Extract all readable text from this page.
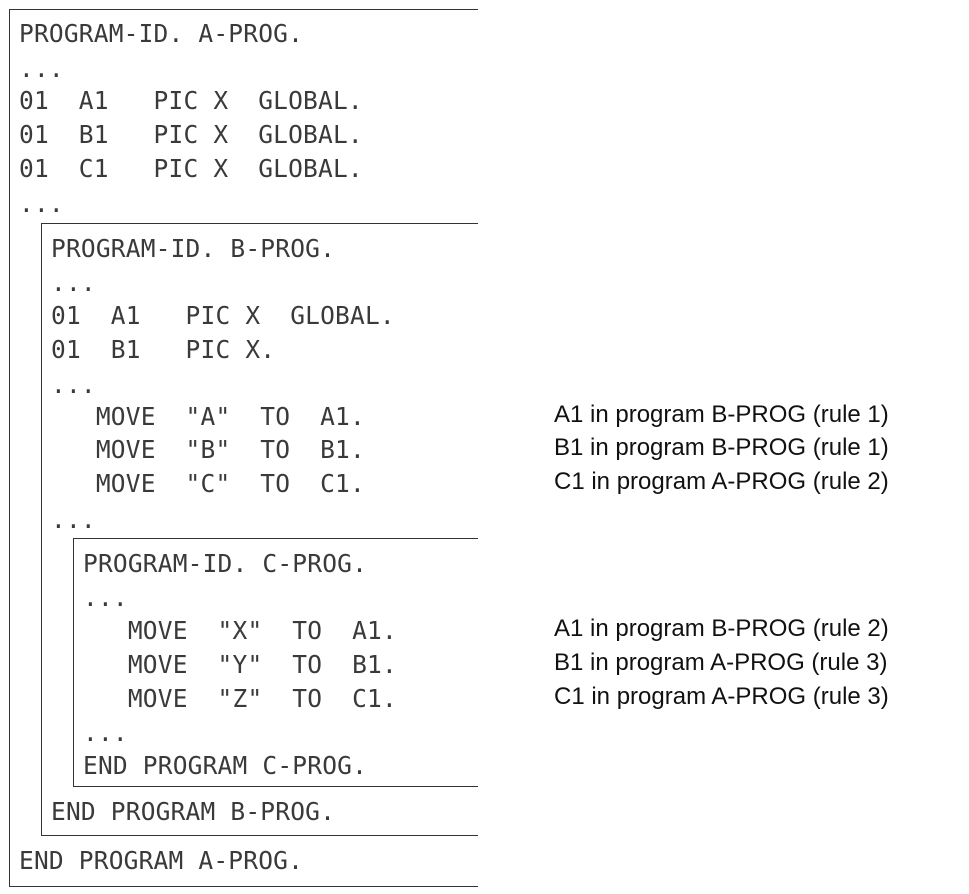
PROGRAM-ID. A-PROG.
...
01  A1   PIC X  GLOBAL.
01  B1   PIC X  GLOBAL.
01  C1   PIC X  GLOBAL.
...
PROGRAM-ID. B-PROG.
...
01  A1   PIC X  GLOBAL.
01  B1   PIC X.
...
MOVE  "A"  TO  A1.
MOVE  "B"  TO  B1.
MOVE  "C"  TO  C1.
...
END PROGRAM B-PROG.
PROGRAM-ID. C-PROG.
...
MOVE  "X"  TO  A1.
MOVE  "Y"  TO  B1.
MOVE  "Z"  TO  C1.
...
END PROGRAM C-PROG.
END PROGRAM A-PROG.
A1 in program B-PROG (rule 1)
B1 in program B-PROG (rule 1)
C1 in program A-PROG (rule 2)
A1 in program B-PROG (rule 2)
B1 in program A-PROG (rule 3)
C1 in program A-PROG (rule 3)
